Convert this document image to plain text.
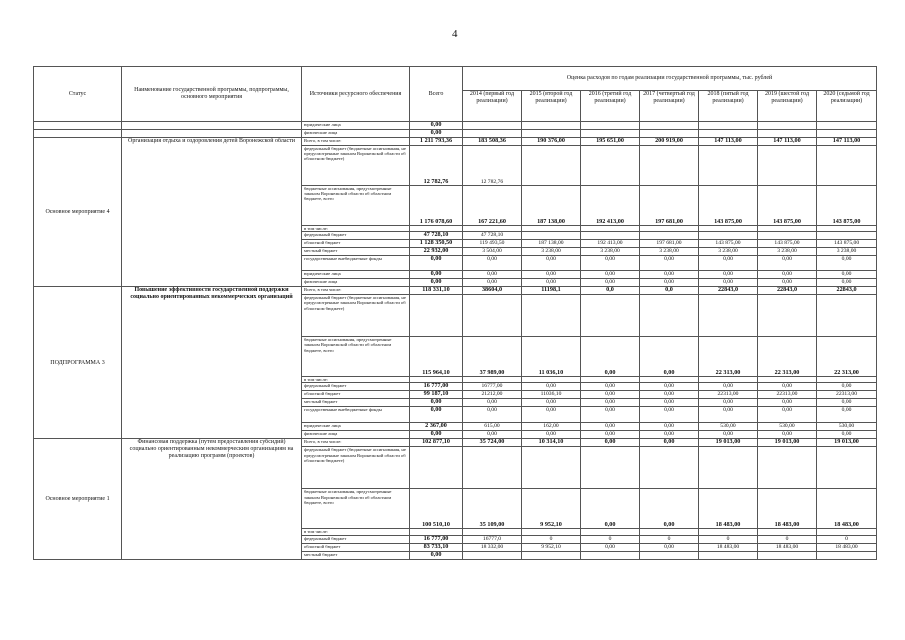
4
Статус	Наименование государственной программы, подпрограммы, основного мероприятия	Источники ресурсного обеспечения	Всего	Оценка расходов по годам реализации государственной программы, тыс. рублей						
				2014 (первый год реализации)	2015 (второй год реализации)	2016 (третий год реализации)	2017 (четвертый год реализации)	2018 (пятый год реализации)	2019 (шестой год реализации)	2020 (седьмой год реализации)
		юридические лица	0,00							
		физические лица	0,00							
Основное мероприятие 4	Организация отдыха и оздоровления детей Воронежской области	Всего, в том числе:	1 211 793,36	183 508,36	190 376,00	195 651,00	200 919,00	147 113,00	147 113,00	147 113,00
		федеральный бюджет (бюджетные ассигнования, не предусмотренные законом Воронежской области об областном бюджете)	12 782,76	12 782,76						
		бюджетные ассигнования, предусмотренные законом Воронежской области об областном бюджете, всего	1 176 078,60	167 221,60	187 138,00	192 413,00	197 681,00	143 875,00	143 875,00	143 875,00
		в том числе:								
		федеральный бюджет	47 728,10	47 728,10						
		областной бюджет	1 128 350,50	119 493,50	187 138,00	192 413,00	197 681,00	143 875,00	143 875,00	143 875,00
		местный бюджет	22 932,00	3 504,00	3 238,00	3 238,00	3 238,00	3 238,00	3 238,00	3 238,00
		государственные внебюджетные фонды	0,00	0,00	0,00	0,00	0,00	0,00	0,00	0,00
		юридические лица	0,00	0,00	0,00	0,00	0,00	0,00	0,00	0,00
		физические лица	0,00	0,00	0,00	0,00	0,00	0,00	0,00	0,00
ПОДПРОГРАММА 3	Повышение эффективности государственной поддержки социально ориентированных некоммерческих организаций	Всего, в том числе:	118 331,10	38604,0	11198,1	0,0	0,0	22843,0	22843,0	22843,0
		федеральный бюджет (бюджетные ассигнования, не предусмотренные законом Воронежской области об областном бюджете)								
		бюджетные ассигнования, предусмотренные законом Воронежской области об областном бюджете, всего	115 964,10	37 989,00	11 036,10	0,00	0,00	22 313,00	22 313,00	22 313,00
		в том числе:								
		федеральный бюджет	16 777,00	16777,00	0,00	0,00	0,00	0,00	0,00	0,00
		областной бюджет	99 187,10	21212,00	11036,10	0,00	0,00	22313,00	22313,00	22313,00
		местный бюджет	0,00	0,00	0,00	0,00	0,00	0,00	0,00	0,00
		государственные внебюджетные фонды	0,00	0,00	0,00	0,00	0,00	0,00	0,00	0,00
		юридические лица	2 367,00	615,00	162,00	0,00	0,00	530,00	530,00	530,00
		физические лица	0,00	0,00	0,00	0,00	0,00	0,00	0,00	0,00
Основное мероприятие 1	Финансовая поддержка (путем предоставления субсидий) социально ориентированным некоммерческим организациям на реализацию программ (проектов)	Всего, в том числе:	102 877,10	35 724,00	10 314,10	0,00	0,00	19 013,00	19 013,00	19 013,00
		федеральный бюджет (бюджетные ассигнования, не предусмотренные законом Воронежской области об областном бюджете)								
		бюджетные ассигнования, предусмотренные законом Воронежской области об областном бюджете, всего	100 510,10	35 109,00	9 952,10	0,00	0,00	18 483,00	18 483,00	18 483,00
		в том числе:								
		федеральный бюджет	16 777,00	16777,0	0	0	0	0	0	0
		областной бюджет	83 733,10	18 332,00	9 952,10	0,00	0,00	18 483,00	18 483,00	18 483,00
		местный бюджет	0,00							
